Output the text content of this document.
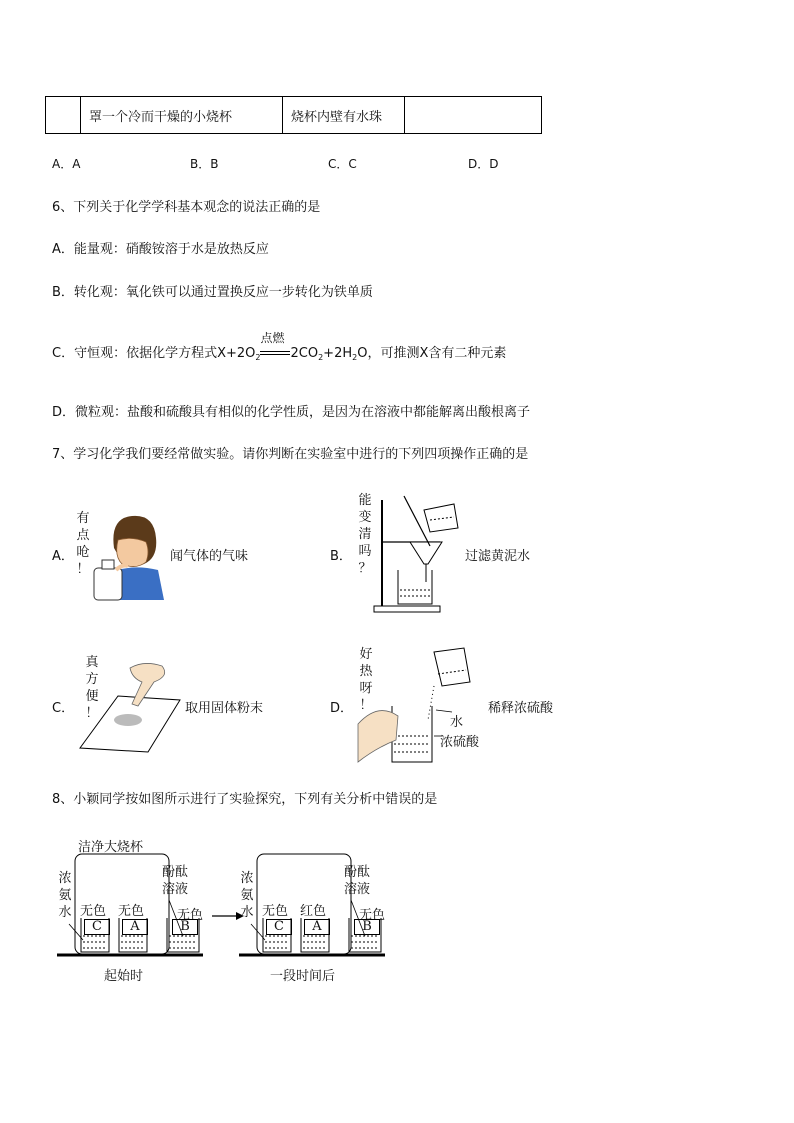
	罩一个冷而干燥的小烧杯	烧杯内壁有水珠	
A．A	B．B	C．C	D．D
6、下列关于化学学科基本观念的说法正确的是
A．能量观：硝酸铵溶于水是放热反应
B．转化观：氧化铁可以通过置换反应一步转化为铁单质
C．守恒观：依据化学方程式$X+2O_2$
点燃
$2CO_2+2H_2O$，可推测X含有二种元素
D．微粒观：盐酸和硫酸具有相似的化学性质，是因为在溶液中都能解离出酸根离子
7、学习化学我们要经常做实验。请你判断在实验室中进行的下列四项操作正确的是
A．
有
点
呛
！
闻气体的气味	B．
能
变
清
吗
？
过滤黄泥水
C．
真
方
便
！	取用固体粉末	D．
好
热
呀
！
水
浓硫酸
稀释浓硫酸
8、小颖同学按如图所示进行了实验探究，下列有关分析中错误的是
洁净大烧杯
浓
氨
水
酚酞
溶液
无色 无色	无色
C	A	B
起始时
浓
氨
水
酚酞
溶液
无色 红色	无色
C	A	B
一段时间后
